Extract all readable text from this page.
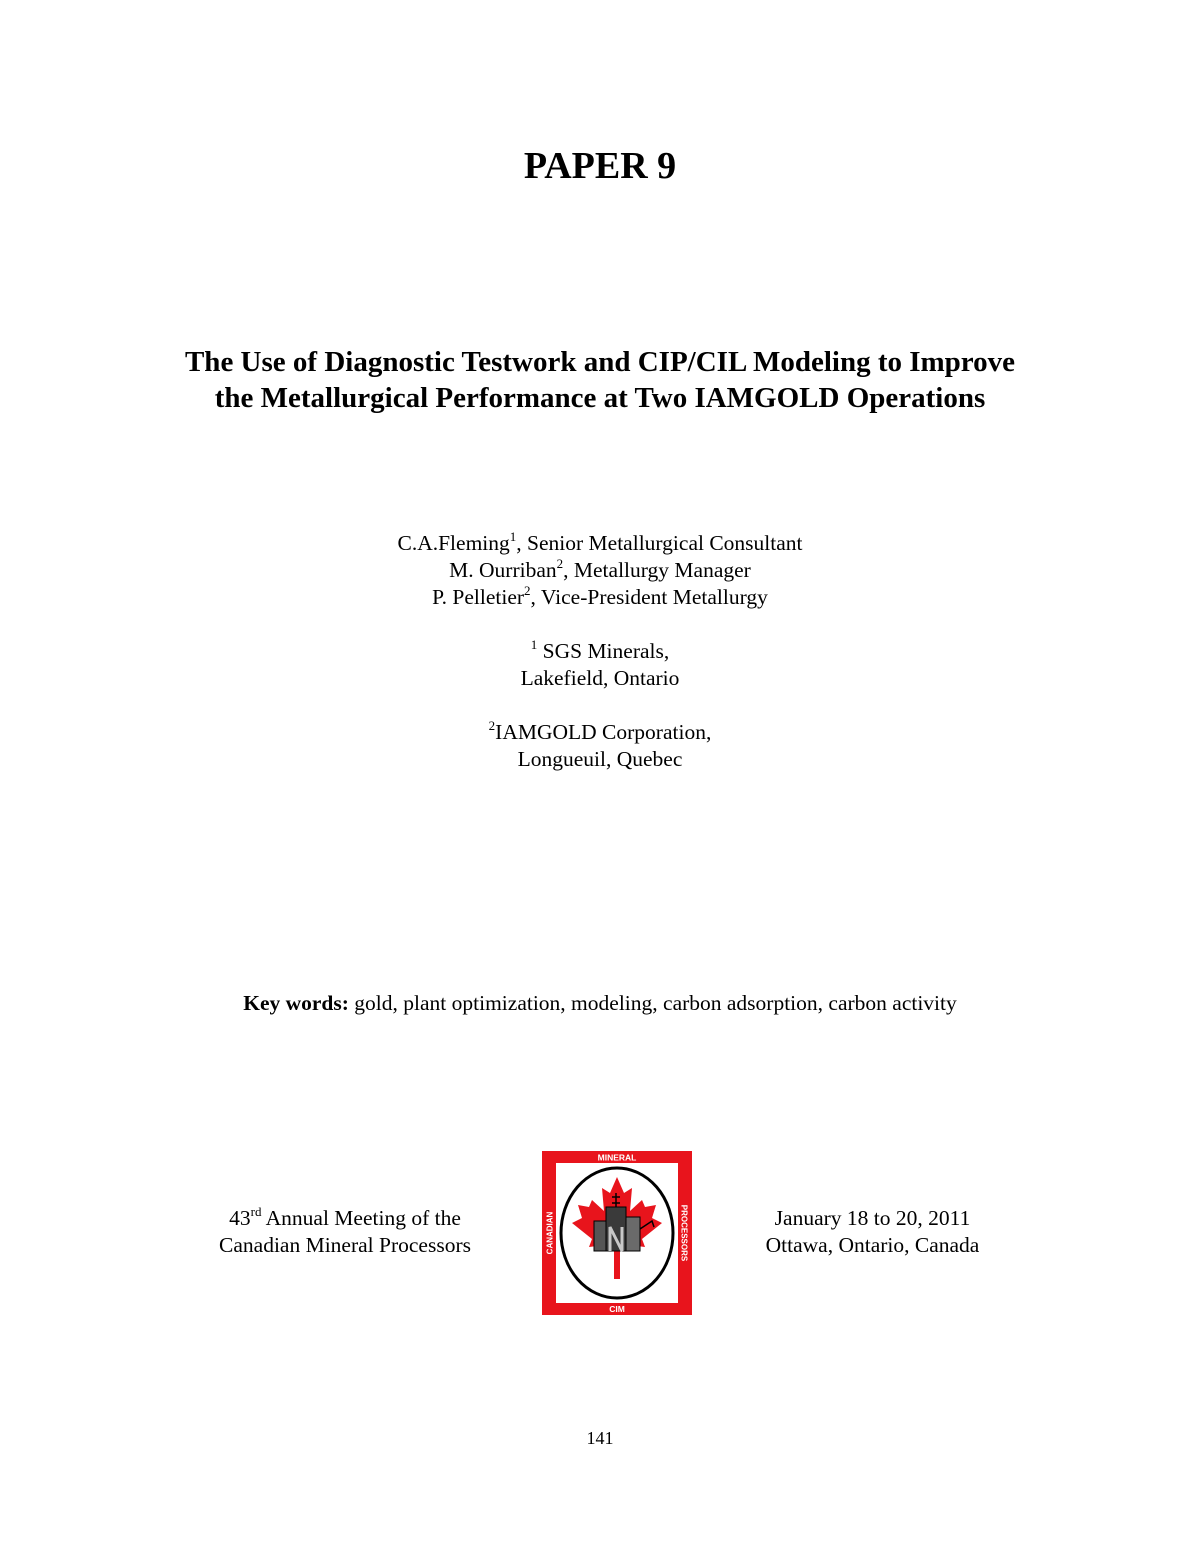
PAPER 9
The Use of Diagnostic Testwork and CIP/CIL Modeling to Improve
the Metallurgical Performance at Two IAMGOLD Operations
C.A.Fleming$^1$, Senior Metallurgical Consultant
M. Ourriban$^2$, Metallurgy Manager
P. Pelletier$^2$, Vice-President Metallurgy
$^1$ SGS Minerals,
Lakefield, Ontario
$^2$IAMGOLD Corporation,
Longueuil, Quebec
Key words: gold, plant optimization, modeling, carbon adsorption, carbon activity
43rd Annual Meeting of the
Canadian Mineral Processors
MINERAL
CIM
CANADIAN	PROCESSORS	January 18 to 20, 2011
Ottawa, Ontario, Canada
141
